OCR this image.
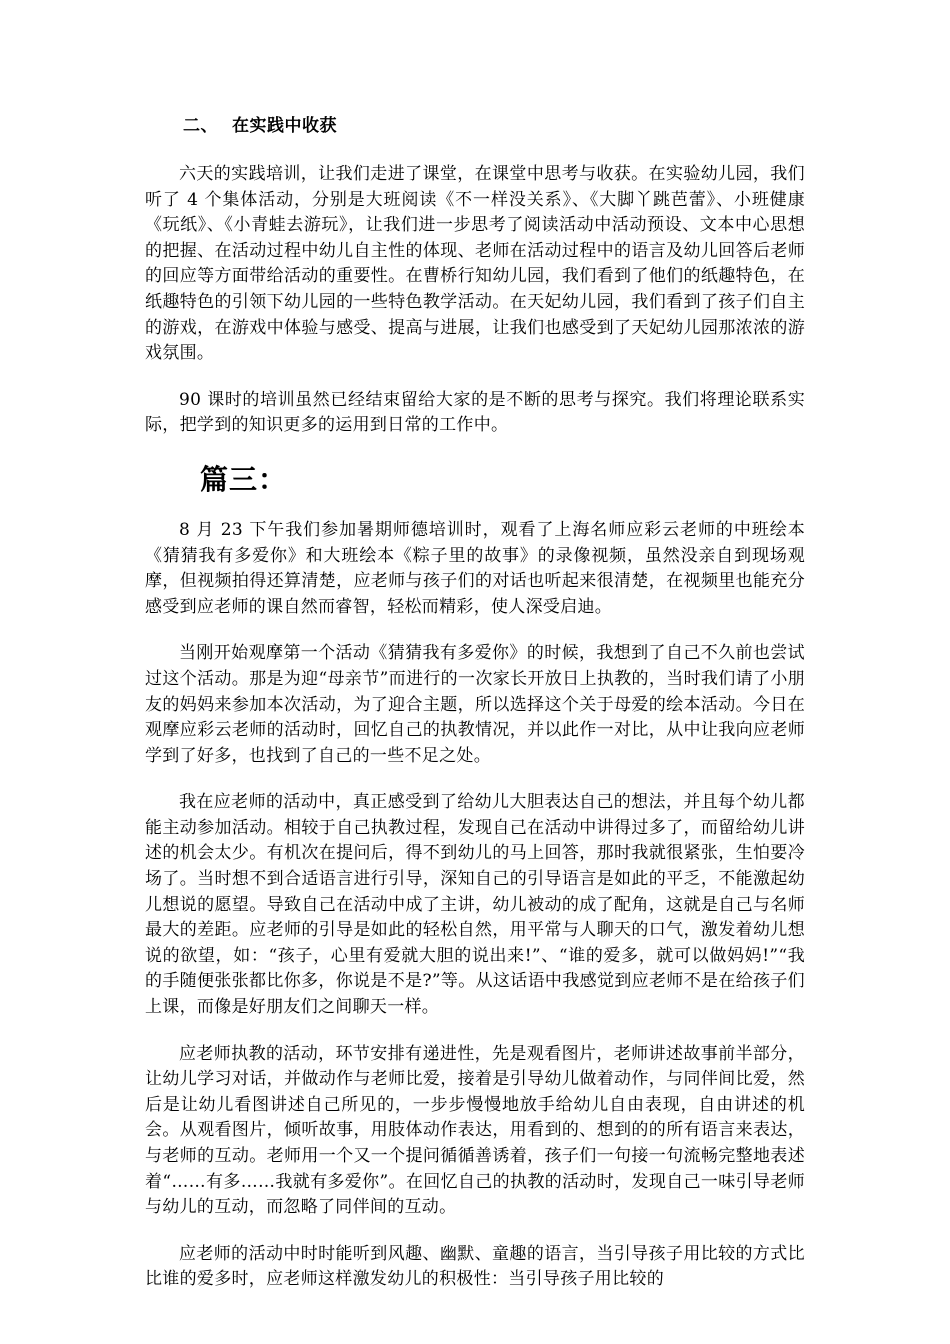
二、 在实践中收获

六天的实践培训，让我们走进了课堂，在课堂中思考与收获。在实验幼儿园，我们听了 4 个集体活动，分别是大班阅读《不一样没关系》、《大脚丫跳芭蕾》、小班健康《玩纸》、《小青蛙去游玩》，让我们进一步思考了阅读活动中活动预设、文本中心思想的把握、在活动过程中幼儿自主性的体现、老师在活动过程中的语言及幼儿回答后老师的回应等方面带给活动的重要性。在曹桥行知幼儿园，我们看到了他们的纸趣特色，在纸趣特色的引领下幼儿园的一些特色教学活动。在天妃幼儿园，我们看到了孩子们自主的游戏，在游戏中体验与感受、提高与进展，让我们也感受到了天妃幼儿园那浓浓的游戏氛围。

90 课时的培训虽然已经结束留给大家的是不断的思考与探究。我们将理论联系实际，把学到的知识更多的运用到日常的工作中。

篇三：

8 月 23 下午我们参加暑期师德培训时，观看了上海名师应彩云老师的中班绘本《猜猜我有多爱你》和大班绘本《粽子里的故事》的录像视频，虽然没亲自到现场观摩，但视频拍得还算清楚，应老师与孩子们的对话也听起来很清楚，在视频里也能充分感受到应老师的课自然而睿智，轻松而精彩，使人深受启迪。

当刚开始观摩第一个活动《猜猜我有多爱你》的时候，我想到了自己不久前也尝试过这个活动。那是为迎“母亲节”而进行的一次家长开放日上执教的，当时我们请了小朋友的妈妈来参加本次活动，为了迎合主题，所以选择这个关于母爱的绘本活动。今日在观摩应彩云老师的活动时，回忆自己的执教情况，并以此作一对比，从中让我向应老师学到了好多，也找到了自己的一些不足之处。

我在应老师的活动中，真正感受到了给幼儿大胆表达自己的想法，并且每个幼儿都能主动参加活动。相较于自己执教过程，发现自己在活动中讲得过多了，而留给幼儿讲述的机会太少。有机次在提问后，得不到幼儿的马上回答，那时我就很紧张，生怕要冷场了。当时想不到合适语言进行引导，深知自己的引导语言是如此的平乏，不能激起幼儿想说的愿望。导致自己在活动中成了主讲，幼儿被动的成了配角，这就是自己与名师最大的差距。应老师的引导是如此的轻松自然，用平常与人聊天的口气，激发着幼儿想说的欲望，如：“孩子，心里有爱就大胆的说出来!”、“谁的爱多，就可以做妈妈!”“我的手随便张张都比你多，你说是不是?”等。从这话语中我感觉到应老师不是在给孩子们上课，而像是好朋友们之间聊天一样。

应老师执教的活动，环节安排有递进性，先是观看图片，老师讲述故事前半部分，让幼儿学习对话，并做动作与老师比爱，接着是引导幼儿做着动作，与同伴间比爱，然后是让幼儿看图讲述自己所见的，一步步慢慢地放手给幼儿自由表现，自由讲述的机会。从观看图片，倾听故事，用肢体动作表达，用看到的、想到的的所有语言来表达，与老师的互动。老师用一个又一个提问循循善诱着，孩子们一句接一句流畅完整地表述着“……有多……我就有多爱你”。在回忆自己的执教的活动时，发现自己一味引导老师与幼儿的互动，而忽略了同伴间的互动。

应老师的活动中时时能听到风趣、幽默、童趣的语言，当引导孩子用比较的方式比比谁的爱多时，应老师这样激发幼儿的积极性：当引导孩子用比较的
